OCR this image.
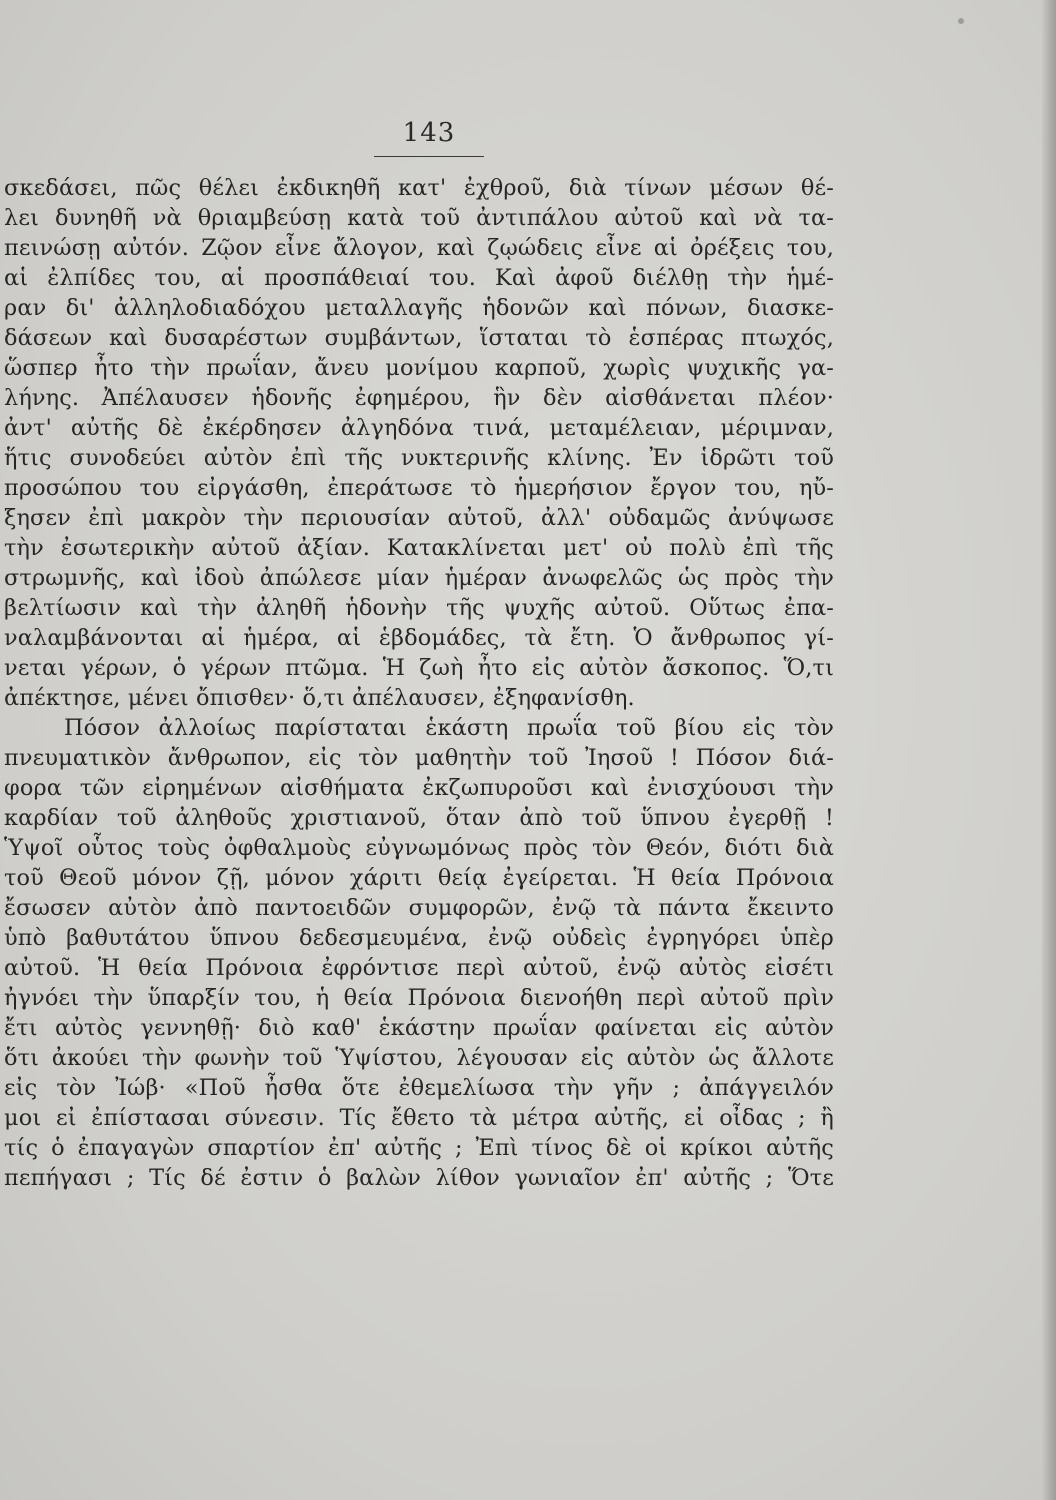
143
σκεδάσει, πῶς θέλει ἐκδικηθῆ κατ' ἐχθροῦ, διὰ τίνων μέσων θέ-
λει δυνηθῆ νὰ θριαμβεύσῃ κατὰ τοῦ ἀντιπάλου αὐτοῦ καὶ νὰ τα-
πεινώσῃ αὐτόν. Ζῷον εἶνε ἄλογον, καὶ ζῳώδεις εἶνε αἱ ὀρέξεις του,
αἱ ἐλπίδες του, αἱ προσπάθειαί του. Καὶ ἀφοῦ διέλθῃ τὴν ἡμέ-
ραν δι' ἀλληλοδιαδόχου μεταλλαγῆς ἡδονῶν καὶ πόνων, διασκε-
δάσεων καὶ δυσαρέστων συμβάντων, ἵσταται τὸ ἑσπέρας πτωχός,
ὥσπερ ἦτο τὴν πρωΐαν, ἄνευ μονίμου καρποῦ, χωρὶς ψυχικῆς γα-
λήνης. Ἀπέλαυσεν ἡδονῆς ἐφημέρου, ἣν δὲν αἰσθάνεται πλέον·
ἀντ' αὐτῆς δὲ ἐκέρδησεν ἀλγηδόνα τινά, μεταμέλειαν, μέριμναν,
ἥτις συνοδεύει αὐτὸν ἐπὶ τῆς νυκτερινῆς κλίνης. Ἐν ἱδρῶτι τοῦ
προσώπου του εἰργάσθη, ἐπεράτωσε τὸ ἡμερήσιον ἔργον του, ηὔ-
ξησεν ἐπὶ μακρὸν τὴν περιουσίαν αὐτοῦ, ἀλλ' οὐδαμῶς ἀνύψωσε
τὴν ἐσωτερικὴν αὐτοῦ ἀξίαν. Κατακλίνεται μετ' οὐ πολὺ ἐπὶ τῆς
στρωμνῆς, καὶ ἰδοὺ ἀπώλεσε μίαν ἡμέραν ἀνωφελῶς ὡς πρὸς τὴν
βελτίωσιν καὶ τὴν ἀληθῆ ἡδονὴν τῆς ψυχῆς αὐτοῦ. Οὕτως ἐπα-
ναλαμβάνονται αἱ ἡμέρα, αἱ ἑβδομάδες, τὰ ἔτη. Ὁ ἄνθρωπος γί-
νεται γέρων, ὁ γέρων πτῶμα. Ἡ ζωὴ ἦτο εἰς αὐτὸν ἄσκοπος. Ὅ,τι
ἀπέκτησε, μένει ὄπισθεν· ὅ,τι ἀπέλαυσεν, ἐξηφανίσθη.
Πόσον ἀλλοίως παρίσταται ἑκάστη πρωΐα τοῦ βίου εἰς τὸν
πνευματικὸν ἄνθρωπον, εἰς τὸν μαθητὴν τοῦ Ἰησοῦ ! Πόσον διά-
φορα τῶν εἰρημένων αἰσθήματα ἐκζωπυροῦσι καὶ ἐνισχύουσι τὴν
καρδίαν τοῦ ἀληθοῦς χριστιανοῦ, ὅταν ἀπὸ τοῦ ὕπνου ἐγερθῇ !
Ὑψοῖ οὗτος τοὺς ὀφθαλμοὺς εὐγνωμόνως πρὸς τὸν Θεόν, διότι διὰ
τοῦ Θεοῦ μόνον ζῇ, μόνον χάριτι θείᾳ ἐγείρεται. Ἡ θεία Πρόνοια
ἔσωσεν αὐτὸν ἀπὸ παντοειδῶν συμφορῶν, ἐνῷ τὰ πάντα ἔκειντο
ὑπὸ βαθυτάτου ὕπνου δεδεσμευμένα, ἐνῷ οὐδεὶς ἐγρηγόρει ὑπὲρ
αὐτοῦ. Ἡ θεία Πρόνοια ἐφρόντισε περὶ αὐτοῦ, ἐνῷ αὐτὸς εἰσέτι
ἠγνόει τὴν ὕπαρξίν του, ἡ θεία Πρόνοια διενοήθη περὶ αὐτοῦ πρὶν
ἔτι αὐτὸς γεννηθῇ· διὸ καθ' ἑκάστην πρωΐαν φαίνεται εἰς αὐτὸν
ὅτι ἀκούει τὴν φωνὴν τοῦ Ὑψίστου, λέγουσαν εἰς αὐτὸν ὡς ἄλλοτε
εἰς τὸν Ἰώβ· «Ποῦ ἦσθα ὅτε ἐθεμελίωσα τὴν γῆν ; ἀπάγγειλόν
μοι εἰ ἐπίστασαι σύνεσιν. Τίς ἔθετο τὰ μέτρα αὐτῆς, εἰ οἶδας ; ἢ
τίς ὁ ἐπαγαγὼν σπαρτίον ἐπ' αὐτῆς ; Ἐπὶ τίνος δὲ οἱ κρίκοι αὐτῆς
πεπήγασι ; Τίς δέ ἐστιν ὁ βαλὼν λίθον γωνιαῖον ἐπ' αὐτῆς ; Ὅτε
